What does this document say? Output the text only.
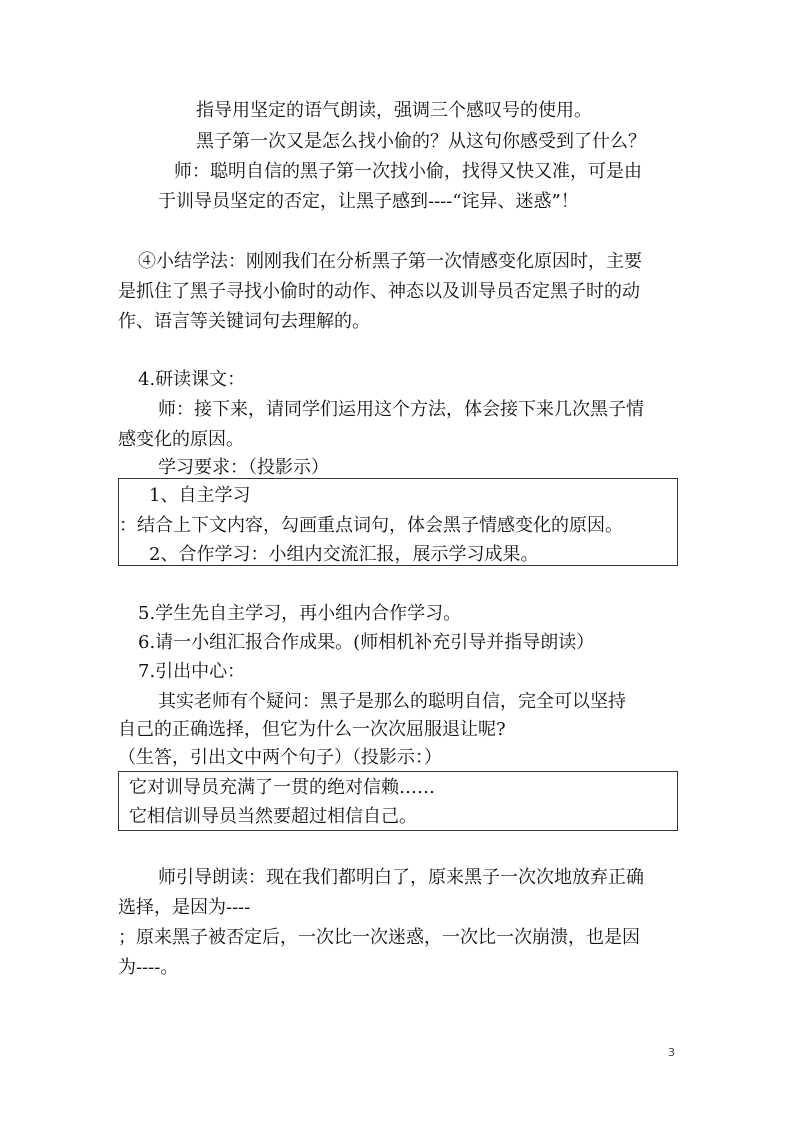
指导用坚定的语气朗读，强调三个感叹号的使用。
黑子第一次又是怎么找小偷的？从这句你感受到了什么？
师：聪明自信的黑子第一次找小偷，找得又快又准，可是由
于训导员坚定的否定，让黑子感到----“诧异、迷惑”！
④小结学法：刚刚我们在分析黑子第一次情感变化原因时，主要
是抓住了黑子寻找小偷时的动作、神态以及训导员否定黑子时的动
作、语言等关键词句去理解的。
4.研读课文：
师：接下来，请同学们运用这个方法，体会接下来几次黑子情
感变化的原因。
学习要求：（投影示）
1、自主学习
：结合上下文内容，勾画重点词句，体会黑子情感变化的原因。
2、合作学习：小组内交流汇报，展示学习成果。
5.学生先自主学习，再小组内合作学习。
6.请一小组汇报合作成果。(师相机补充引导并指导朗读）
7.引出中心：
其实老师有个疑问：黑子是那么的聪明自信，完全可以坚持
自己的正确选择，但它为什么一次次屈服退让呢?
（生答，引出文中两个句子）（投影示：）
它对训导员充满了一贯的绝对信赖……
它相信训导员当然要超过相信自己。
师引导朗读：现在我们都明白了，原来黑子一次次地放弃正确
选择，是因为----
；原来黑子被否定后，一次比一次迷惑，一次比一次崩溃，也是因
为----。
3
